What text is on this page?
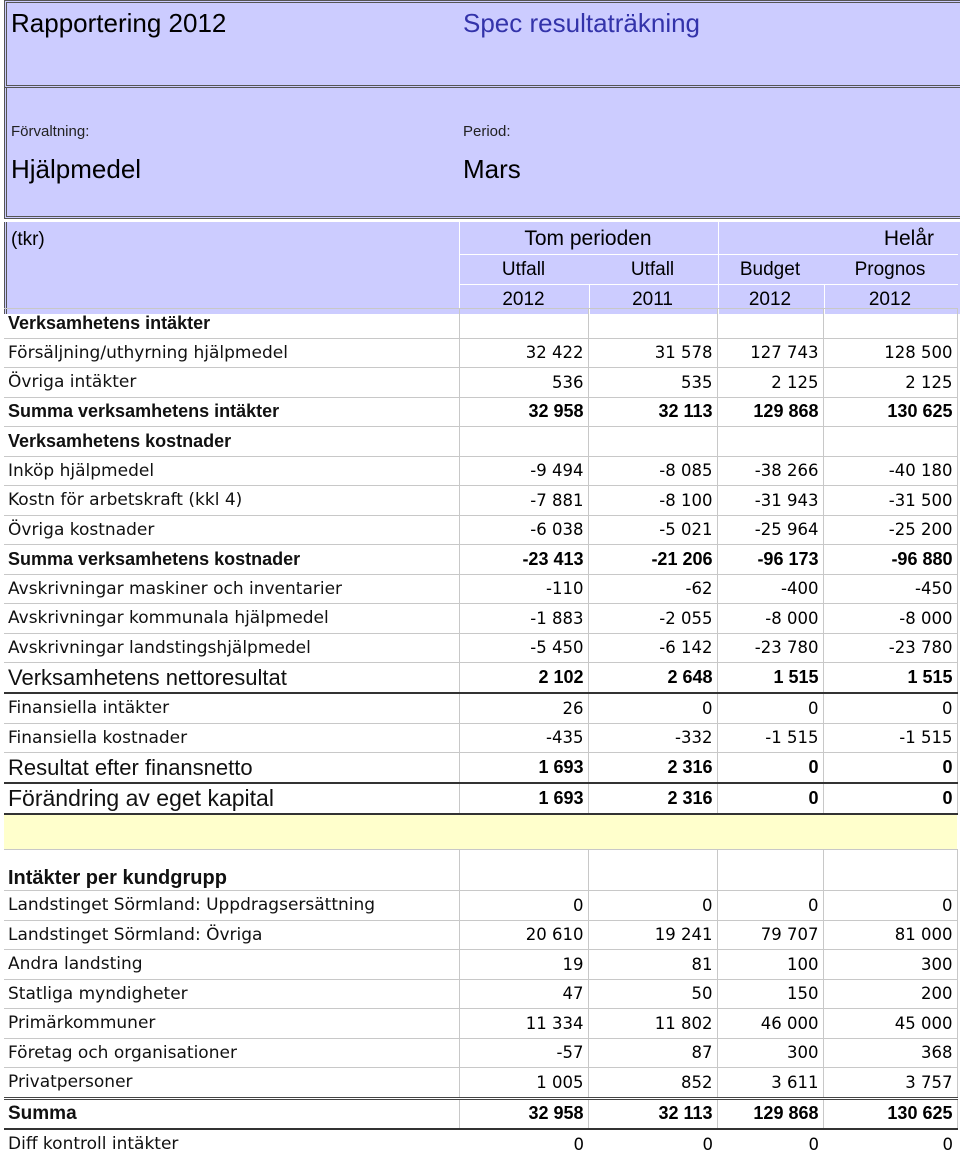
Rapportering 2012	Spec resultaträkning
Förvaltning:
Hjälpmedel
Period:
Mars
(tkr)	Tom perioden	Helår
Utfall	Utfall	Budget	Prognos
2012	2011	2012	2012
Verksamhetens intäkter				
Försäljning/uthyrning hjälpmedel	32 422	31 578	127 743	128 500
Övriga intäkter	536	535	2 125	2 125
Summa verksamhetens intäkter	32 958	32 113	129 868	130 625
Verksamhetens kostnader				
Inköp hjälpmedel	-9 494	-8 085	-38 266	-40 180
Kostn för arbetskraft (kkl 4)	-7 881	-8 100	-31 943	-31 500
Övriga kostnader	-6 038	-5 021	-25 964	-25 200
Summa verksamhetens kostnader	-23 413	-21 206	-96 173	-96 880
Avskrivningar maskiner och inventarier	-110	-62	-400	-450
Avskrivningar kommunala hjälpmedel	-1 883	-2 055	-8 000	-8 000
Avskrivningar landstingshjälpmedel	-5 450	-6 142	-23 780	-23 780
Verksamhetens nettoresultat	2 102	2 648	1 515	1 515
Finansiella intäkter	26	0	0	0
Finansiella kostnader	-435	-332	-1 515	-1 515
Resultat efter finansnetto	1 693	2 316	0	0
Förändring av eget kapital	1 693	2 316	0	0

Intäkter per kundgrupp				
Landstinget Sörmland: Uppdragsersättning	0	0	0	0
Landstinget Sörmland: Övriga	20 610	19 241	79 707	81 000
Andra landsting	19	81	100	300
Statliga myndigheter	47	50	150	200
Primärkommuner	11 334	11 802	46 000	45 000
Företag och organisationer	-57	87	300	368
Privatpersoner	1 005	852	3 611	3 757
Summa	32 958	32 113	129 868	130 625
Diff kontroll intäkter	0	0	0	0
